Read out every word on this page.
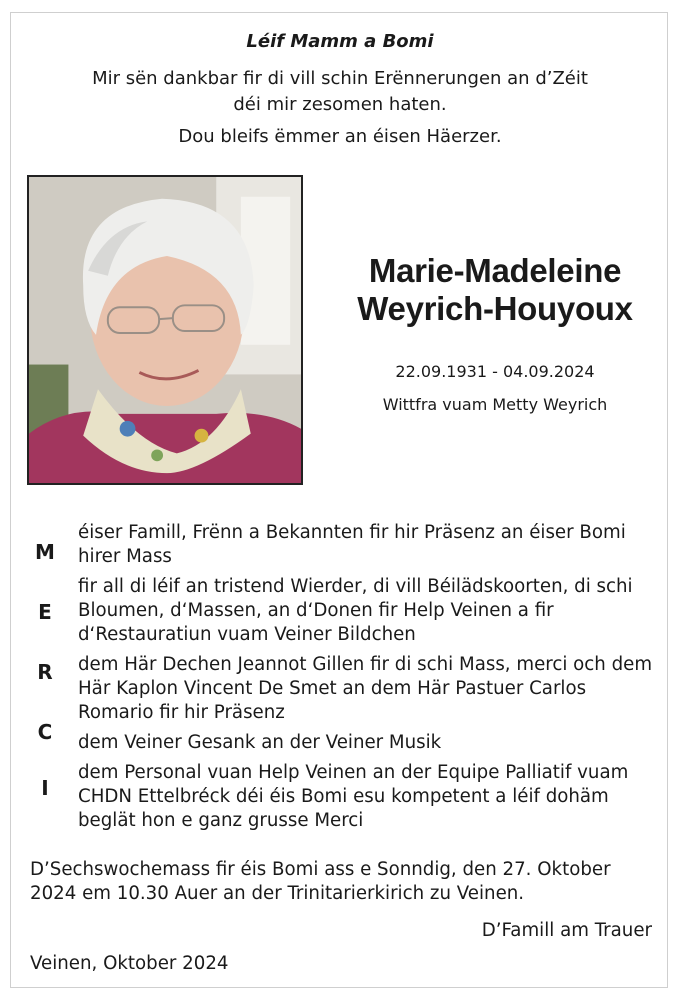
Léif Mamm a Bomi

Mir sën dankbar fir di vill schin Erënnerungen an d’Zéit

déi mir zesomen haten.

Dou bleifs ëmmer an éisen Häerzer.

Marie-Madeleine

Weyrich-Houyoux

22.09.1931 - 04.09.2024
Wittfra vuam Metty Weyrich
M
E
R
C
I

éiser Famill, Frënn a Bekannten fir hir Präsenz an éiser Bomi hirer Mass

fir all di léif an tristend Wierder, di vill Béilädskoorten, di schi Bloumen, d‘Massen, an d‘Donen fir Help Veinen a fir d‘Restauratiun vuam Veiner Bildchen

dem Här Dechen Jeannot Gillen fir di schi Mass, merci och dem Här Kaplon Vincent De Smet an dem Här Pastuer Carlos Romario fir hir Präsenz

dem Veiner Gesank an der Veiner Musik

dem Personal vuan Help Veinen an der Equipe Palliatif vuam CHDN Ettelbréck déi éis Bomi esu kompetent a léif dohäm beglät hon e ganz grusse Merci

D’Sechswochemass fir éis Bomi ass e Sonndig, den 27. Oktober 2024 em 10.30 Auer an der Trinitarierkirich zu Veinen.

D’Famill am Trauer
Veinen, Oktober 2024
